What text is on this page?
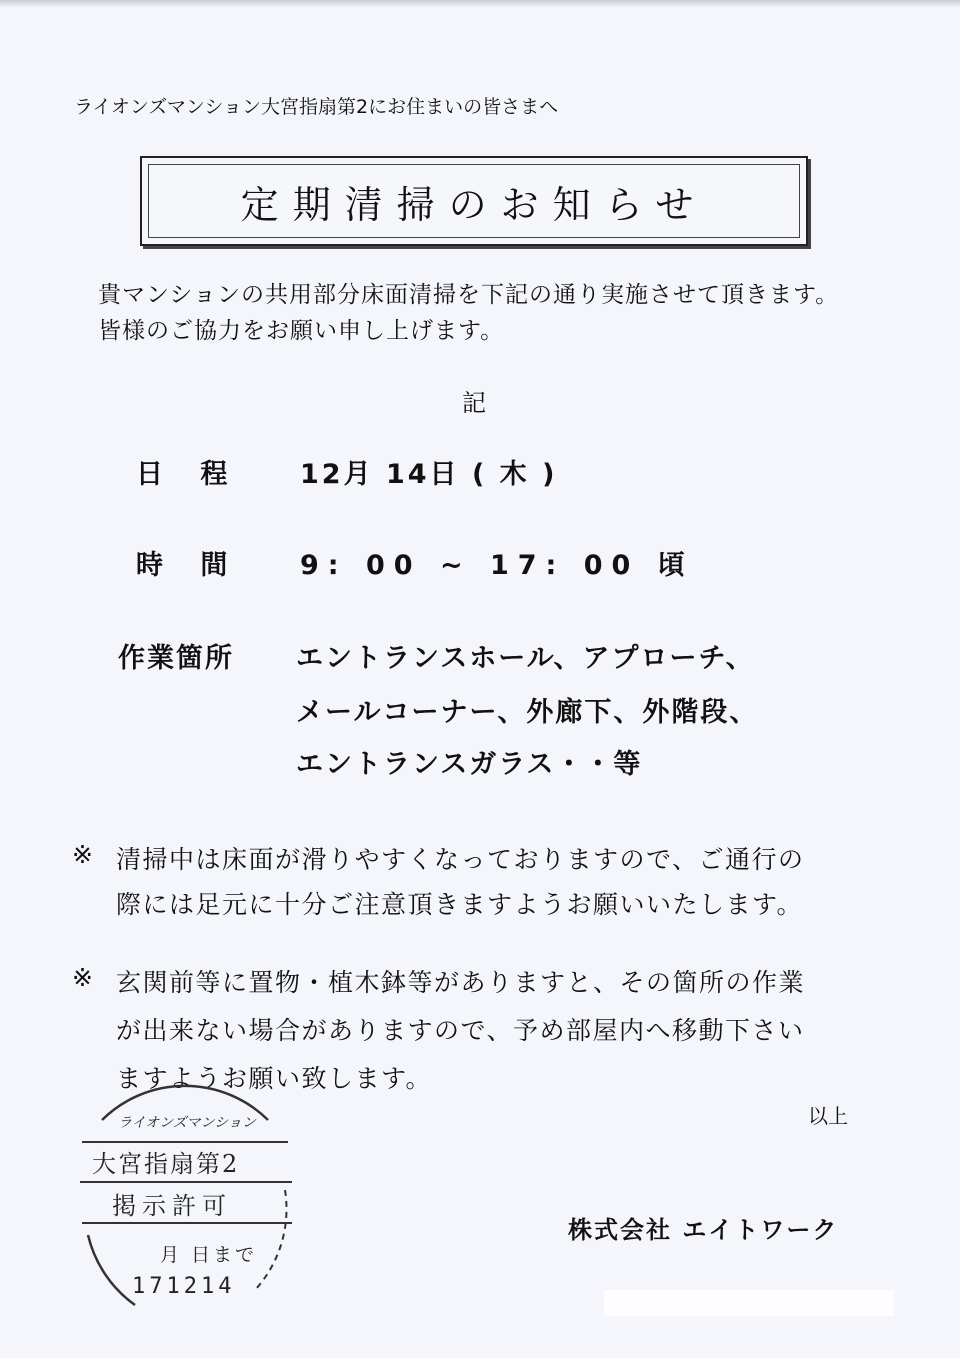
ライオンズマンション大宮指扇第2にお住まいの皆さまへ
定期清掃のお知らせ
貴マンションの共用部分床面清掃を下記の通り実施させて頂きます。
皆様のご協力をお願い申し上げます。
記
日 程 12月 14日 ( 木 )
時 間 9: 00 ~ 17: 00 頃
作業箇所 エントランスホール、アプローチ、
メールコーナー、外廊下、外階段、
エントランスガラス・・等
※ 清掃中は床面が滑りやすくなっておりますので、ご通行の
際には足元に十分ご注意頂きますようお願いいたします。
※ 玄関前等に置物・植木鉢等がありますと、その箇所の作業
が出来ない場合がありますので、予め部屋内へ移動下さい
ますようお願い致します。
以上
ライオンズマンション
大宮指扇第2
掲示許可
月 日まで
171214
株式会社 エイトワーク
